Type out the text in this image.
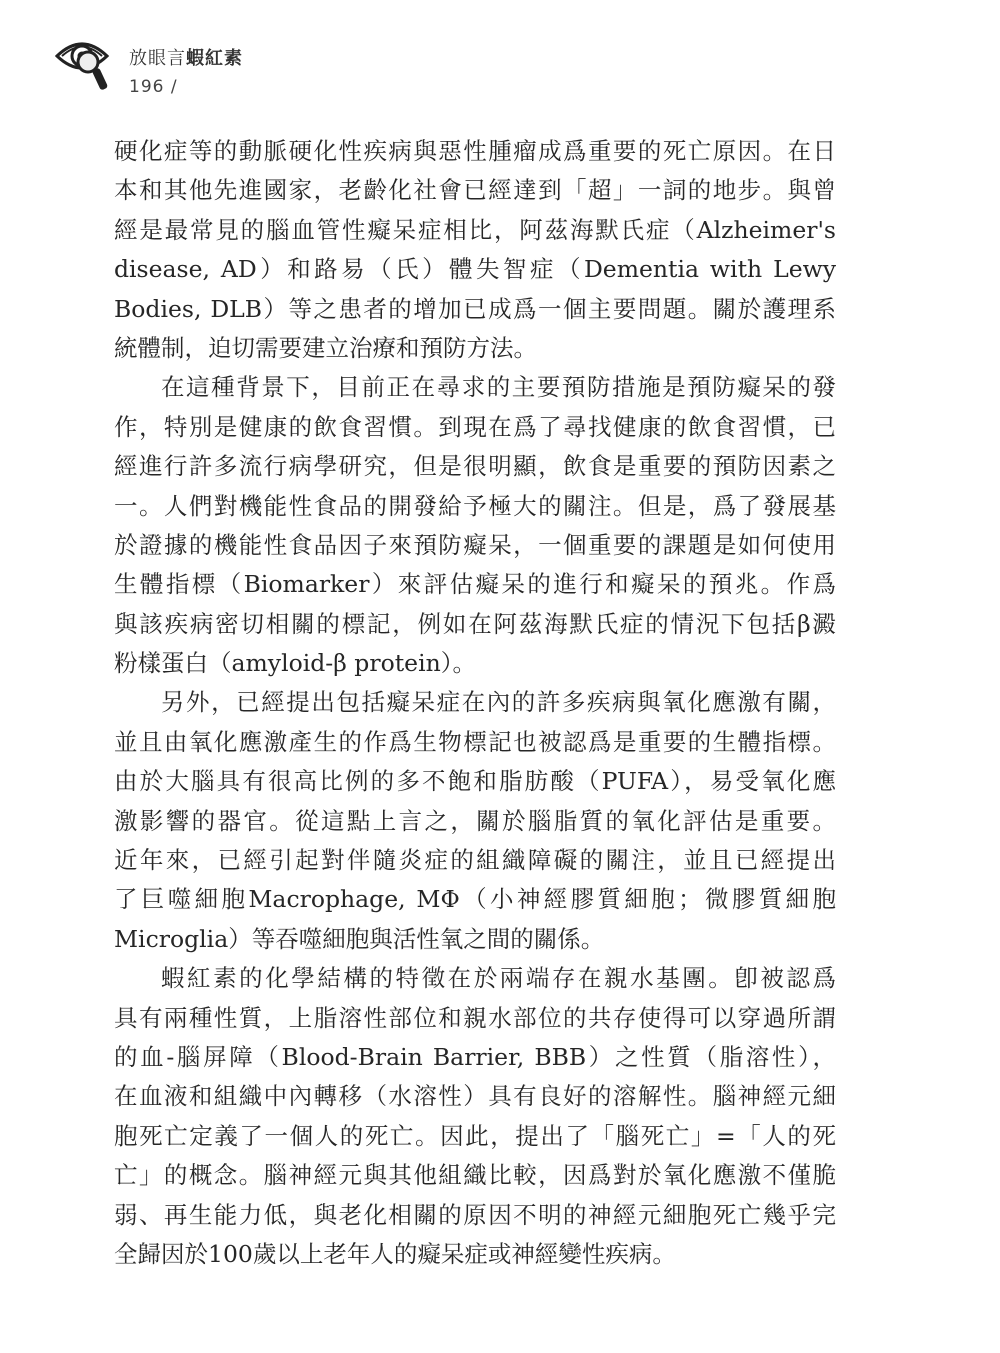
放眼言蝦紅素
196 /
硬化症等的動脈硬化性疾病與惡性腫瘤成爲重要的死亡原因。在日
本和其他先進國家，老齡化社會已經達到「超」一詞的地步。與曾
經是最常見的腦血管性癡呆症相比，阿茲海默氏症（Alzheimer's
disease, AD）和路易（氏）體失智症（Dementia with Lewy
Bodies, DLB）等之患者的增加已成爲一個主要問題。關於護理系
統體制，迫切需要建立治療和預防方法。
在這種背景下，目前正在尋求的主要預防措施是預防癡呆的發
作，特別是健康的飲食習慣。到現在爲了尋找健康的飲食習慣，已
經進行許多流行病學研究，但是很明顯，飲食是重要的預防因素之
一。人們對機能性食品的開發給予極大的關注。但是，爲了發展基
於證據的機能性食品因子來預防癡呆，一個重要的課題是如何使用
生體指標（Biomarker）來評估癡呆的進行和癡呆的預兆。作爲
與該疾病密切相關的標記，例如在阿茲海默氏症的情況下包括β澱
粉樣蛋白（amyloid-β protein）。
另外，已經提出包括癡呆症在內的許多疾病與氧化應激有關，
並且由氧化應激產生的作爲生物標記也被認爲是重要的生體指標。
由於大腦具有很高比例的多不飽和脂肪酸（PUFA），易受氧化應
激影響的器官。從這點上言之，關於腦脂質的氧化評估是重要。
近年來，已經引起對伴隨炎症的組織障礙的關注，並且已經提出
了巨噬細胞Macrophage, MΦ（小神經膠質細胞；微膠質細胞
Microglia）等吞噬細胞與活性氧之間的關係。
蝦紅素的化學結構的特徵在於兩端存在親水基團。卽被認爲
具有兩種性質，上脂溶性部位和親水部位的共存使得可以穿過所謂
的血-腦屏障（Blood-Brain Barrier, BBB）之性質（脂溶性），
在血液和組織中內轉移（水溶性）具有良好的溶解性。腦神經元細
胞死亡定義了一個人的死亡。因此，提出了「腦死亡」=「人的死
亡」的概念。腦神經元與其他組織比較，因爲對於氧化應激不僅脆
弱、再生能力低，與老化相關的原因不明的神經元細胞死亡幾乎完
全歸因於100歲以上老年人的癡呆症或神經變性疾病。
